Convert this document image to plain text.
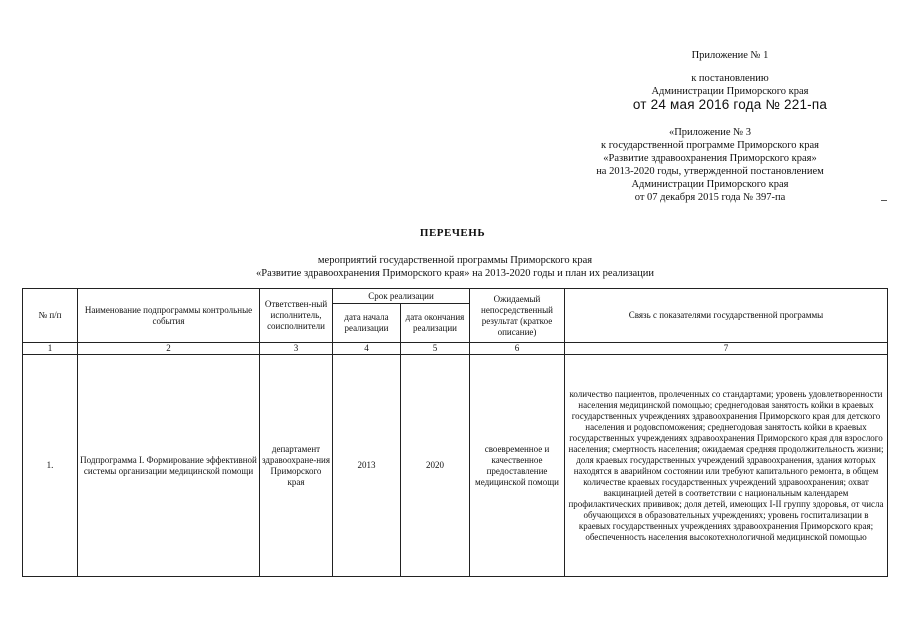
Приложение № 1
к постановлению
Администрации Приморского края
от 24 мая 2016 года № 221-па
«Приложение № 3
к государственной программе Приморского края
«Развитие здравоохранения Приморского края»
на 2013-2020 годы, утвержденной постановлением
Администрации Приморского края
от 07 декабря 2015 года № 397-па
ПЕРЕЧЕНЬ
мероприятий государственной программы Приморского края
«Развитие здравоохранения Приморского края» на 2013-2020 годы и план их реализации
№ п/п	Наименование подпрограммы контрольные события	Ответствен-ный исполнитель, соисполнители	Срок реализации		Ожидаемый непосредственный результат (краткое описание)	Связь с показателями государственной программы
			дата начала реализации	дата окончания реализации		
1	2	3	4	5	6	7
1.	Подпрограмма I. Формирование эффективной системы организации медицинской помощи	департамент здравоохране-ния Приморского края	2013	2020	своевременное и качественное предоставление медицинской помощи	количество пациентов, пролеченных со стандартами; уровень удовлетворенности населения медицинской помощью; среднегодовая занятость койки в краевых государственных учреждениях здравоохранения Приморского края для детского населения и родовспоможения; среднегодовая занятость койки в краевых государственных учреждениях здравоохранения Приморского края для взрослого населения; смертность населения; ожидаемая средняя продолжительность жизни; доля краевых государственных учреждений здравоохранения, здания которых находятся в аварийном состоянии или требуют капитального ремонта, в общем количестве краевых государственных учреждений здравоохранения; охват вакцинацией детей в соответствии с национальным календарем профилактических прививок; доля детей, имеющих I-II группу здоровья, от числа обучающихся в образовательных учреждениях; уровень госпитализации в краевых государственных учреждениях здравоохранения Приморского края; обеспеченность населения высокотехнологичной медицинской помощью
